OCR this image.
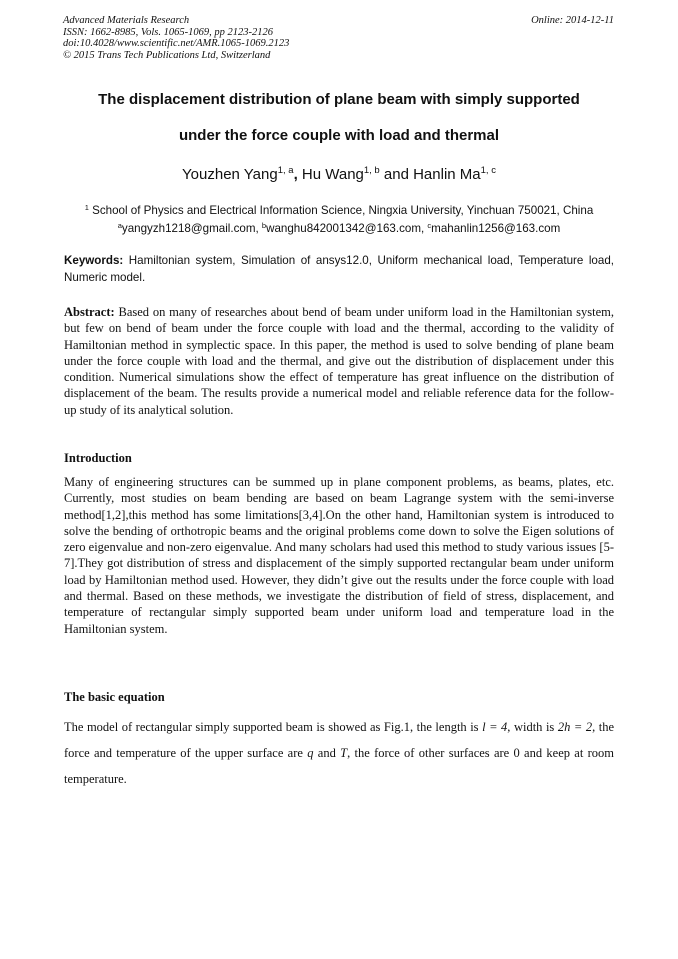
Advanced Materials Research
ISSN: 1662-8985, Vols. 1065-1069, pp 2123-2126
doi:10.4028/www.scientific.net/AMR.1065-1069.2123
© 2015 Trans Tech Publications Ltd, Switzerland
Online: 2014-12-11
The displacement distribution of plane beam with simply supported
under the force couple with load and thermal
Youzhen Yang$^{1, a}$, Hu Wang$^{1, b}$ and Hanlin Ma$^{1, c}$
$^1$ School of Physics and Electrical Information Science, Ningxia University, Yinchuan 750021, China
$^a$yangyzh1218@gmail.com, $^b$wanghu842001342@163.com, $^c$mahanlin1256@163.com
Keywords: Hamiltonian system, Simulation of ansys12.0, Uniform mechanical load, Temperature load, Numeric model.
Abstract: Based on many of researches about bend of beam under uniform load in the Hamiltonian system, but few on bend of beam under the force couple with load and the thermal, according to the validity of Hamiltonian method in symplectic space. In this paper, the method is used to solve bending of plane beam under the force couple with load and the thermal, and give out the distribution of displacement under this condition. Numerical simulations show the effect of temperature has great influence on the distribution of displacement of the beam. The results provide a numerical model and reliable reference data for the follow-up study of its analytical solution.
Introduction
Many of engineering structures can be summed up in plane component problems, as beams, plates, etc. Currently, most studies on beam bending are based on beam Lagrange system with the semi-inverse method[1,2],this method has some limitations[3,4].On the other hand, Hamiltonian system is introduced to solve the bending of orthotropic beams and the original problems come down to solve the Eigen solutions of zero eigenvalue and non-zero eigenvalue. And many scholars had used this method to study various issues [5-7].They got distribution of stress and displacement of the simply supported rectangular beam under uniform load by Hamiltonian method used. However, they didn’t give out the results under the force couple with load and thermal. Based on these methods, we investigate the distribution of field of stress, displacement, and temperature of rectangular simply supported beam under uniform load and temperature load in the Hamiltonian system.
The basic equation
The model of rectangular simply supported beam is showed as Fig.1, the length is l = 4, width is 2h = 2, the force and temperature of the upper surface are q and T, the force of other surfaces are 0 and keep at room temperature.
